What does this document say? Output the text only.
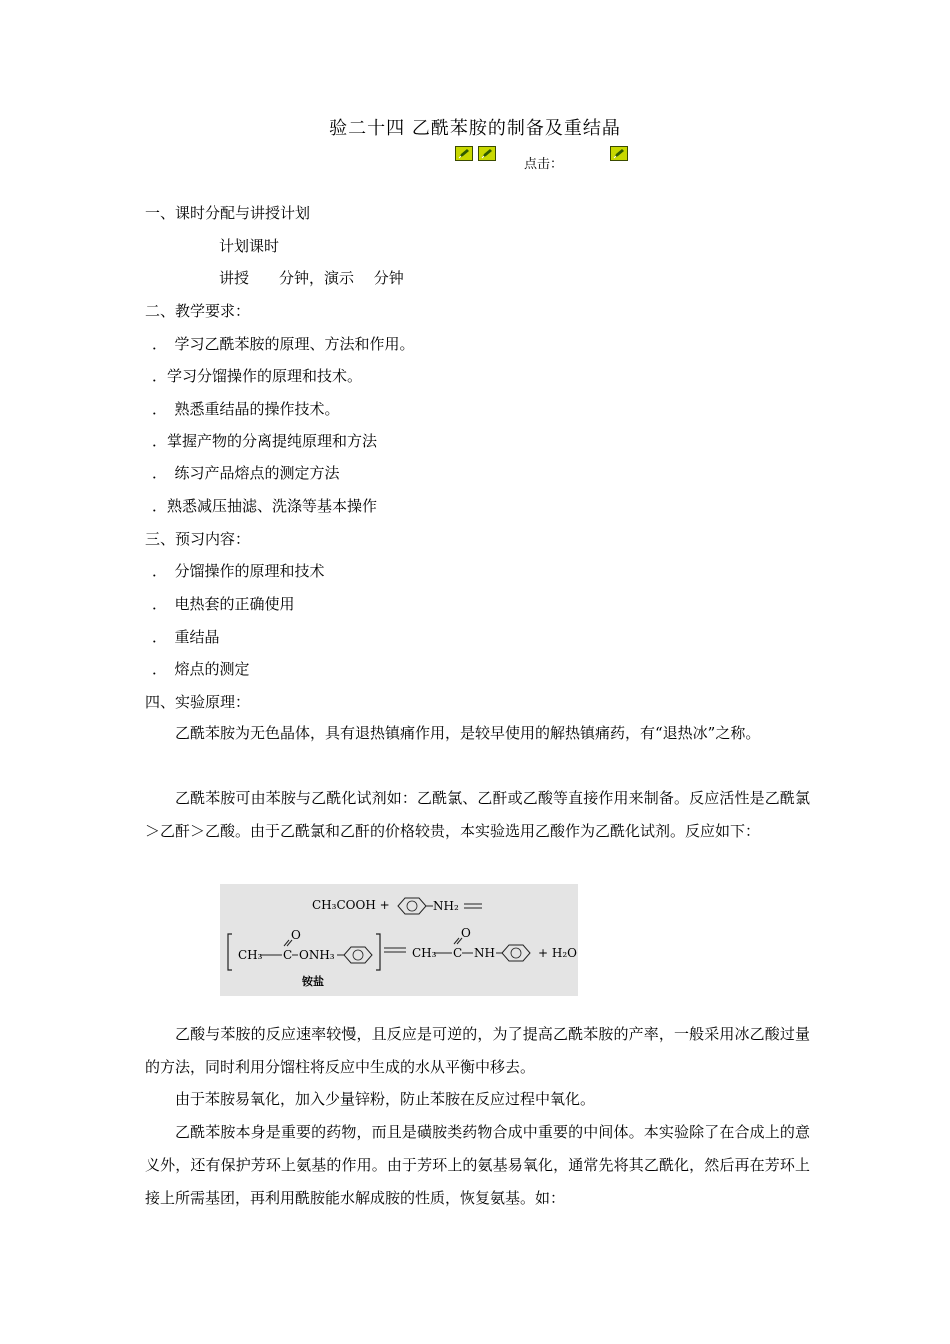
验二十四 乙酰苯胺的制备及重结晶
点击：
一、课时分配与讲授计划
计划课时
讲授　　分钟，演示　 分钟
二、教学要求：
．　学习乙酰苯胺的原理、方法和作用。
．学习分馏操作的原理和技术。
．　熟悉重结晶的操作技术。
．掌握产物的分离提纯原理和方法
．　练习产品熔点的测定方法
．熟悉减压抽滤、洗涤等基本操作
三、预习内容：
．　分馏操作的原理和技术
．　电热套的正确使用
．　重结晶
．　熔点的测定
四、实验原理：
乙酰苯胺为无色晶体，具有退热镇痛作用，是较早使用的解热镇痛药，有“退热冰”之称。
乙酰苯胺可由苯胺与乙酰化试剂如：乙酰氯、乙酐或乙酸等直接作用来制备。反应活性是乙酰氯＞乙酐＞乙酸。由于乙酰氯和乙酐的价格较贵，本实验选用乙酸作为乙酰化试剂。反应如下：
CH₃COOH +	NH₂
CH₃ C
O
ONH₃	CH₃ C
O
NH	+ H₂O
铵盐
乙酸与苯胺的反应速率较慢，且反应是可逆的，为了提高乙酰苯胺的产率，一般采用冰乙酸过量的方法，同时利用分馏柱将反应中生成的水从平衡中移去。
由于苯胺易氧化，加入少量锌粉，防止苯胺在反应过程中氧化。
乙酰苯胺本身是重要的药物，而且是磺胺类药物合成中重要的中间体。本实验除了在合成上的意义外，还有保护芳环上氨基的作用。由于芳环上的氨基易氧化，通常先将其乙酰化，然后再在芳环上接上所需基团，再利用酰胺能水解成胺的性质，恢复氨基。如：
